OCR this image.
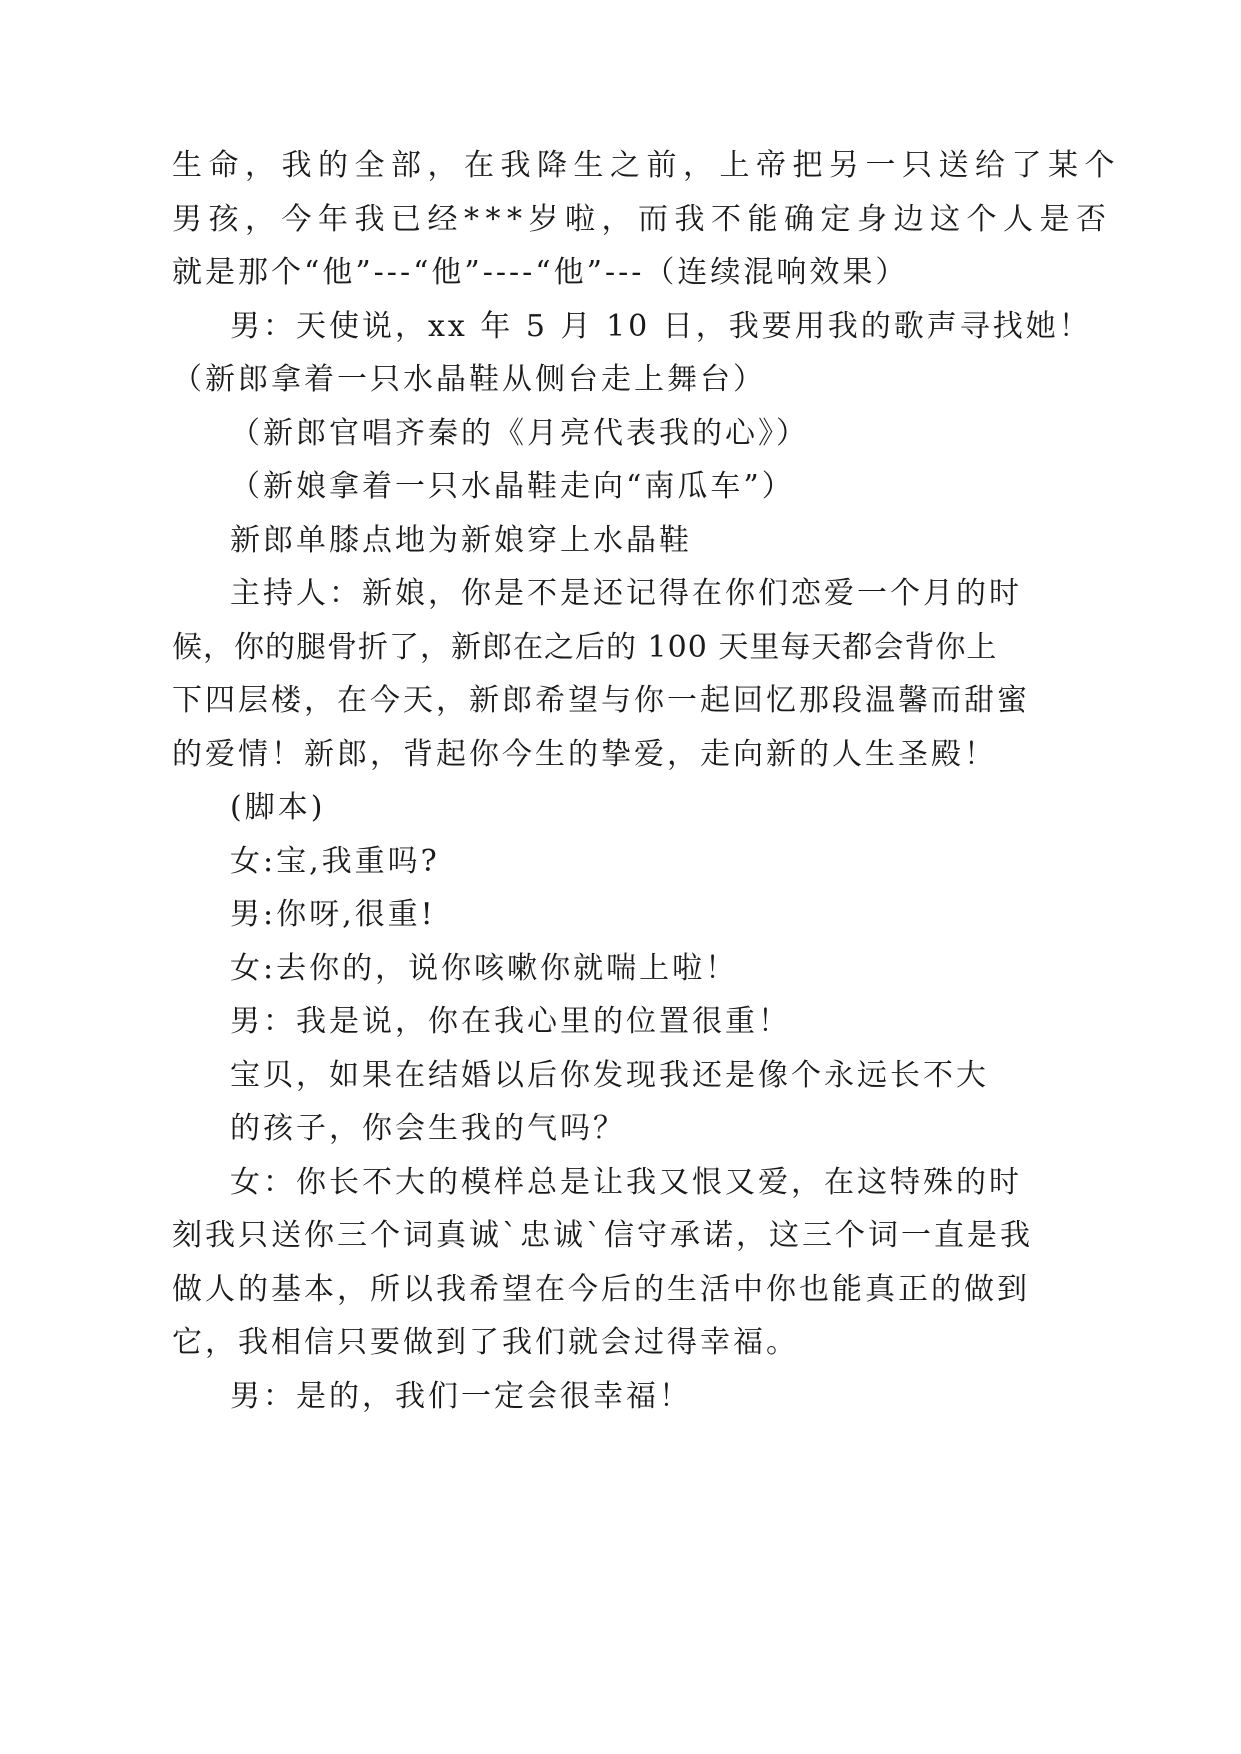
生命，我的全部，在我降生之前，上帝把另一只送给了某个
男孩，今年我已经***岁啦，而我不能确定身边这个人是否
就是那个“他”---“他”----“他”---（连续混响效果）
男：天使说，xx 年 5 月 10 日，我要用我的歌声寻找她！
（新郎拿着一只水晶鞋从侧台走上舞台）
（新郎官唱齐秦的《月亮代表我的心》）
（新娘拿着一只水晶鞋走向“南瓜车”）
新郎单膝点地为新娘穿上水晶鞋
主持人：新娘，你是不是还记得在你们恋爱一个月的时
候，你的腿骨折了，新郎在之后的 100 天里每天都会背你上
下四层楼，在今天，新郎希望与你一起回忆那段温馨而甜蜜
的爱情！新郎，背起你今生的挚爱，走向新的人生圣殿！
(脚本)
女:宝,我重吗?
男:你呀,很重!
女:去你的，说你咳嗽你就喘上啦！
男：我是说，你在我心里的位置很重！
宝贝，如果在结婚以后你发现我还是像个永远长不大
的孩子，你会生我的气吗？
女：你长不大的模样总是让我又恨又爱，在这特殊的时
刻我只送你三个词真诚`忠诚`信守承诺，这三个词一直是我
做人的基本，所以我希望在今后的生活中你也能真正的做到
它，我相信只要做到了我们就会过得幸福。
男：是的，我们一定会很幸福！
